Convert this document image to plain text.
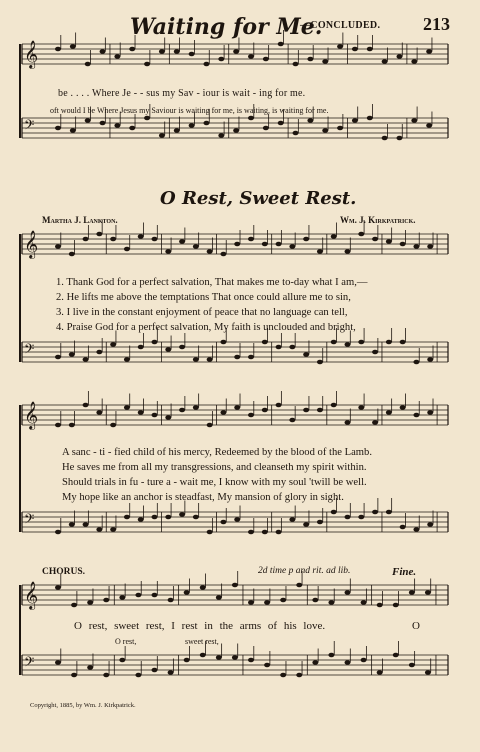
Waiting for Me.
—CONCLUDED. 213
𝄞
𝄢
𝄞
𝄢
𝄞
𝄢
𝄞
𝄢
be . . . . Where Je - - sus my Sav - iour is wait - ing for me.
oft would I be Where Jesus my Saviour is waiting for me, is waiting, is waiting for me.
O Rest, Sweet Rest.
Martha J. Lankton.	Wm. J. Kirkpatrick.
1. Thank God for a perfect salvation, That makes me to-day what I am,—
2. He lifts me above the temptations That once could allure me to sin,
3. I live in the constant enjoyment of peace that no language can tell,
4. Praise God for a perfect salvation, My faith is unclouded and bright,
A sanc - ti - fied child of his mercy, Redeemed by the blood of the Lamb.
He saves me from all my transgressions, and cleanseth my spirit within.
Should trials in fu - ture a - wait me, I know with my soul 'twill be well.
My hope like an anchor is steadfast, My mansion of glory in sight.
CHORUS.	2d time p and rit. ad lib.	Fine.
O rest, sweet rest, I rest in the arms of his love.	O
O rest,	sweet rest,
Copyright, 1885, by Wm. J. Kirkpatrick.
